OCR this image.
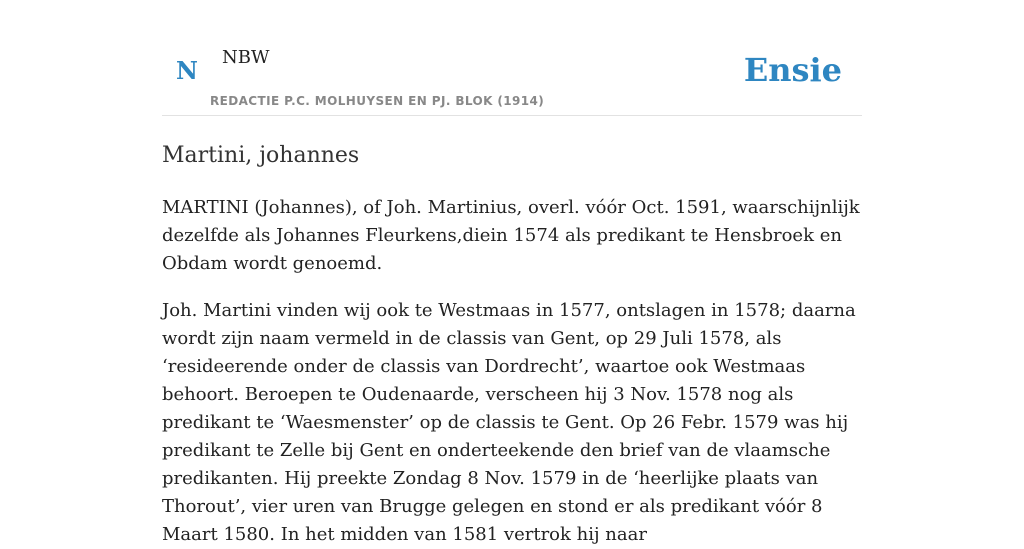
N NBW
REDACTIE P.C. MOLHUYSEN EN PJ. BLOK (1914)
Ensie
Martini, johannes

MARTINI (Johannes), of Joh. Martinius, overl. vóór Oct. 1591, waarschijnlijk dezelfde als Johannes Fleurkens,diein 1574 als predikant te Hensbroek en Obdam wordt genoemd.

Joh. Martini vinden wij ook te Westmaas in 1577, ontslagen in 1578; daarna wordt zijn naam vermeld in de classis van Gent, op 29 Juli 1578, als ‘resideerende onder de classis van Dordrecht’, waartoe ook Westmaas behoort. Beroepen te Oudenaarde, verscheen hij 3 Nov. 1578 nog als predikant te ‘Waesmenster’ op de classis te Gent. Op 26 Febr. 1579 was hij predikant te Zelle bij Gent en onderteekende den brief van de vlaamsche predikanten. Hij preekte Zondag 8 Nov. 1579 in de ‘heerlijke plaats van Thorout’, vier uren van Brugge gelegen en stond er als predikant vóór 8 Maart 1580. In het midden van 1581 vertrok hij naar
